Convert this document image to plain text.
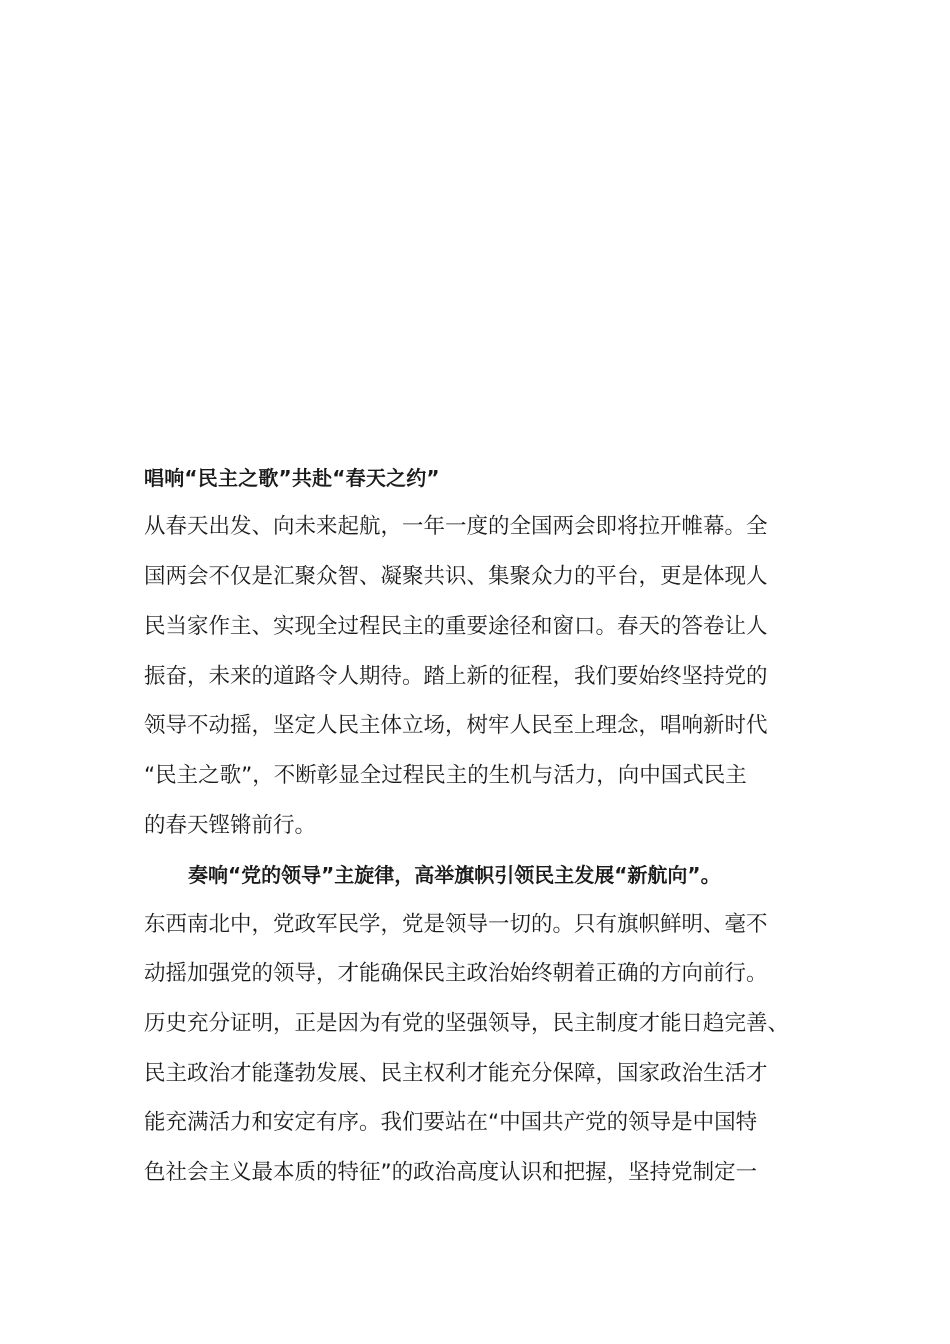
唱响“民主之歌”共赴“春天之约”
从春天出发、向未来起航，一年一度的全国两会即将拉开帷幕。全
国两会不仅是汇聚众智、凝聚共识、集聚众力的平台，更是体现人
民当家作主、实现全过程民主的重要途径和窗口。春天的答卷让人
振奋，未来的道路令人期待。踏上新的征程，我们要始终坚持党的
领导不动摇，坚定人民主体立场，树牢人民至上理念，唱响新时代
“民主之歌”，不断彰显全过程民主的生机与活力，向中国式民主
的春天铿锵前行。
奏响“党的领导”主旋律，高举旗帜引领民主发展“新航向”。
东西南北中，党政军民学，党是领导一切的。只有旗帜鲜明、毫不
动摇加强党的领导，才能确保民主政治始终朝着正确的方向前行。
历史充分证明，正是因为有党的坚强领导，民主制度才能日趋完善、
民主政治才能蓬勃发展、民主权利才能充分保障，国家政治生活才
能充满活力和安定有序。我们要站在“中国共产党的领导是中国特
色社会主义最本质的特征”的政治高度认识和把握，坚持党制定一
